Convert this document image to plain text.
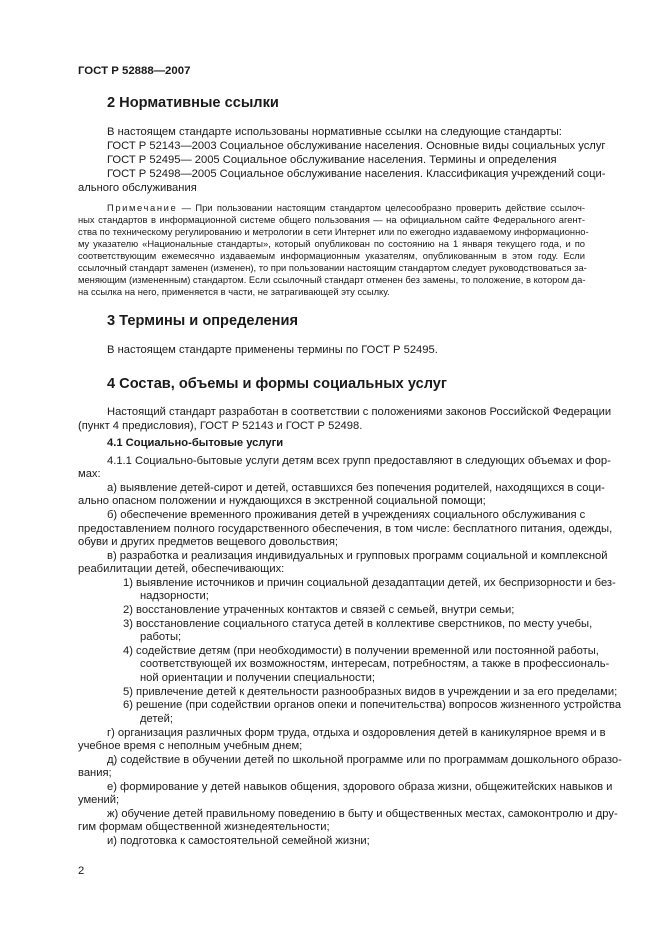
ГОСТ Р 52888—2007
2 Нормативные ссылки
В настоящем стандарте использованы нормативные ссылки на следующие стандарты:
ГОСТ Р 52143—2003 Социальное обслуживание населения. Основные виды социальных услуг
ГОСТ Р 52495— 2005 Социальное обслуживание населения. Термины и определения
ГОСТ Р 52498—2005 Социальное обслуживание населения. Классификация учреждений соци-
ального обслуживания
Примечание — При пользовании настоящим стандартом целесообразно проверить действие ссылоч-
ных стандартов в информационной системе общего пользования — на официальном сайте Федерального агент-
ства по техническому регулированию и метрологии в сети Интернет или по ежегодно издаваемому информационно-
му указателю «Национальные стандарты», который опубликован по состоянию на 1 января текущего года, и по
соответствующим ежемесячно издаваемым информационным указателям, опубликованным в этом году. Если
ссылочный стандарт заменен (изменен), то при пользовании настоящим стандартом следует руководствоваться за-
меняющим (измененным) стандартом. Если ссылочный стандарт отменен без замены, то положение, в котором да-
на ссылка на него, применяется в части, не затрагивающей эту ссылку.
3 Термины и определения
В настоящем стандарте применены термины по ГОСТ Р 52495.
4 Состав, объемы и формы социальных услуг
Настоящий стандарт разработан в соответствии с положениями законов Российской Федерации
(пункт 4 предисловия), ГОСТ Р 52143 и ГОСТ Р 52498.
4.1 Социально-бытовые услуги
4.1.1 Социально-бытовые услуги детям всех групп предоставляют в следующих объемах и фор-
мах:
а) выявление детей-сирот и детей, оставшихся без попечения родителей, находящихся в соци-
ально опасном положении и нуждающихся в экстренной социальной помощи;
б) обеспечение временного проживания детей в учреждениях социального обслуживания с
предоставлением полного государственного обеспечения, в том числе: бесплатного питания, одежды,
обуви и других предметов вещевого довольствия;
в) разработка и реализация индивидуальных и групповых программ социальной и комплексной
реабилитации детей, обеспечивающих:
1) выявление источников и причин социальной дезадаптации детей, их беспризорности и без-
надзорности;
2) восстановление утраченных контактов и связей с семьей, внутри семьи;
3) восстановление социального статуса детей в коллективе сверстников, по месту учебы,
работы;
4) содействие детям (при необходимости) в получении временной или постоянной работы,
соответствующей их возможностям, интересам, потребностям, а также в профессиональ-
ной ориентации и получении специальности;
5) привлечение детей к деятельности разнообразных видов в учреждении и за его пределами;
6) решение (при содействии органов опеки и попечительства) вопросов жизненного устройства
детей;
г) организация различных форм труда, отдыха и оздоровления детей в каникулярное время и в
учебное время с неполным учебным днем;
д) содействие в обучении детей по школьной программе или по программам дошкольного образо-
вания;
е) формирование у детей навыков общения, здорового образа жизни, общежитейских навыков и
умений;
ж) обучение детей правильному поведению в быту и общественных местах, самоконтролю и дру-
гим формам общественной жизнедеятельности;
и) подготовка к самостоятельной семейной жизни;
2
